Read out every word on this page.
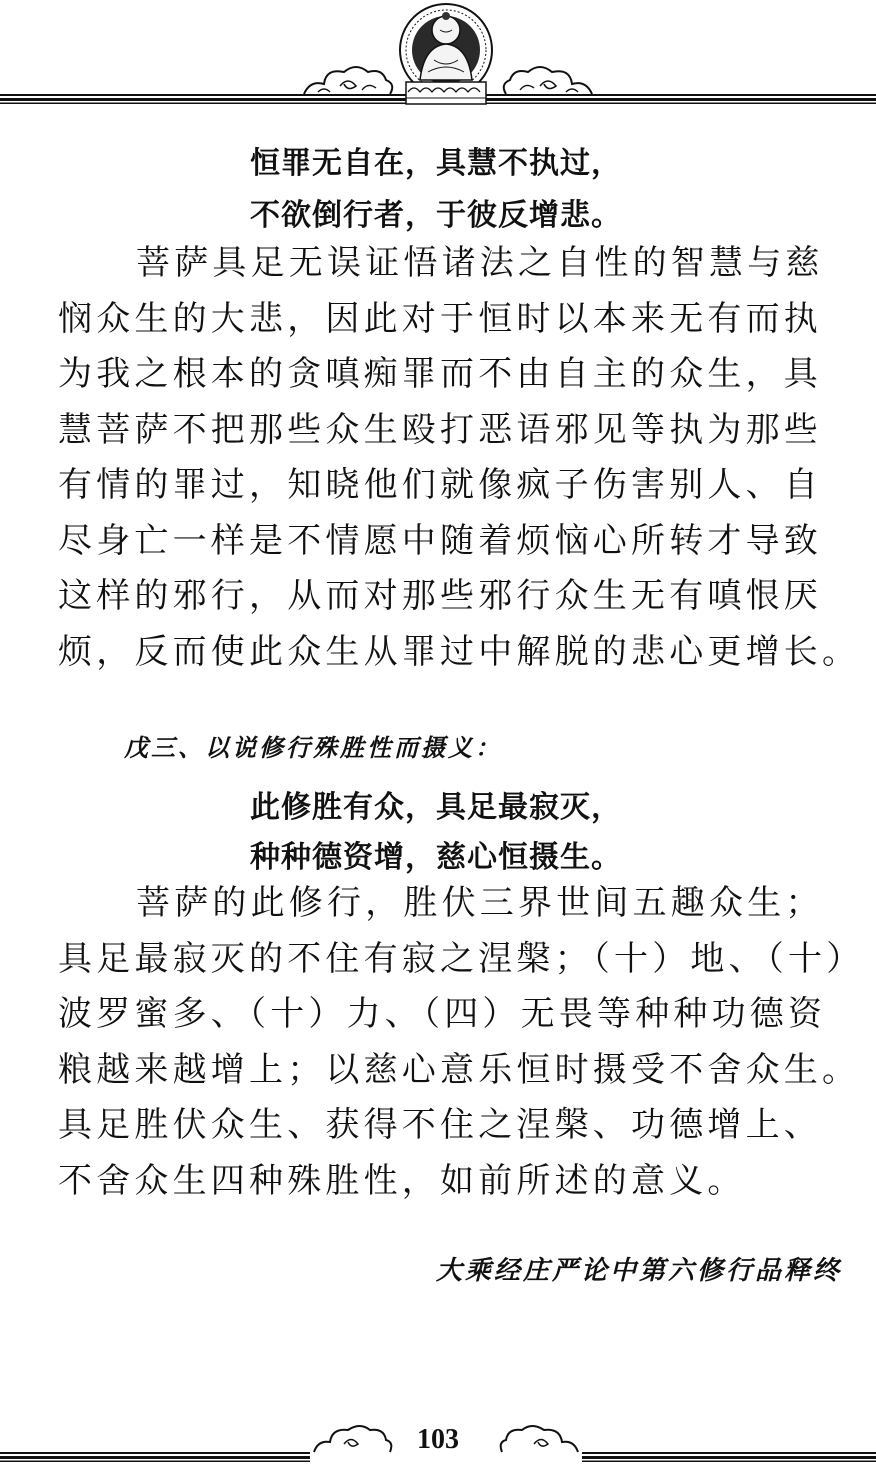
恒罪无自在，具慧不执过，
不欲倒行者，于彼反增悲。
菩萨具足无误证悟诸法之自性的智慧与慈
悯众生的大悲，因此对于恒时以本来无有而执
为我之根本的贪嗔痴罪而不由自主的众生，具
慧菩萨不把那些众生殴打恶语邪见等执为那些
有情的罪过，知晓他们就像疯子伤害别人、自
尽身亡一样是不情愿中随着烦恼心所转才导致
这样的邪行，从而对那些邪行众生无有嗔恨厌
烦，反而使此众生从罪过中解脱的悲心更增长。
戊三、以说修行殊胜性而摄义：
此修胜有众，具足最寂灭，
种种德资增，慈心恒摄生。
菩萨的此修行，胜伏三界世间五趣众生；
具足最寂灭的不住有寂之涅槃；（十）地、（十）
波罗蜜多、（十）力、（四）无畏等种种功德资
粮越来越增上；以慈心意乐恒时摄受不舍众生。
具足胜伏众生、获得不住之涅槃、功德增上、
不舍众生四种殊胜性，如前所述的意义。
大乘经庄严论中第六修行品释终
103
